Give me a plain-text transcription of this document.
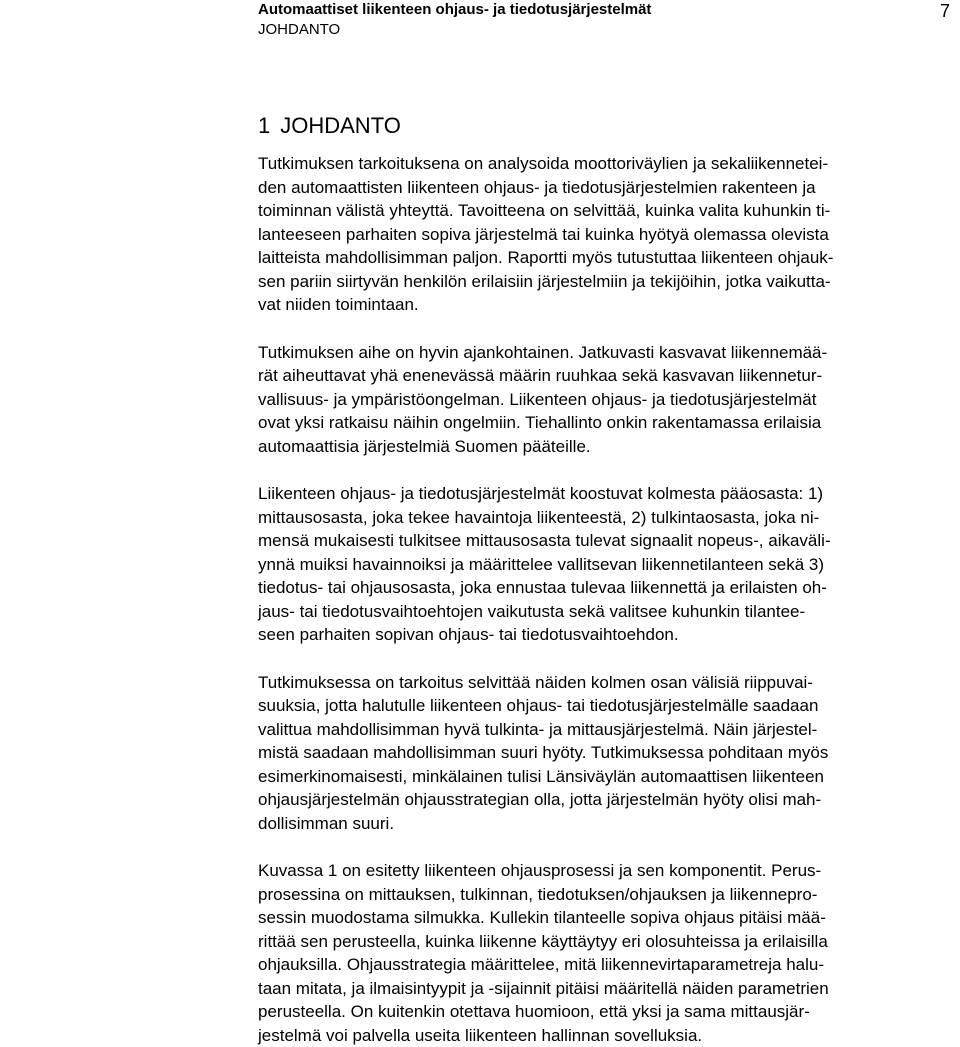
Automaattiset liikenteen ohjaus- ja tiedotusjärjestelmät
JOHDANTO
7
1 JOHDANTO

Tutkimuksen tarkoituksena on analysoida moottoriväylien ja sekaliikennetei-
den automaattisten liikenteen ohjaus- ja tiedotusjärjestelmien rakenteen ja
toiminnan välistä yhteyttä. Tavoitteena on selvittää, kuinka valita kuhunkin ti-
lanteeseen parhaiten sopiva järjestelmä tai kuinka hyötyä olemassa olevista
laitteista mahdollisimman paljon. Raportti myös tutustuttaa liikenteen ohjauk-
sen pariin siirtyvän henkilön erilaisiin järjestelmiin ja tekijöihin, jotka vaikutta-
vat niiden toimintaan.

Tutkimuksen aihe on hyvin ajankohtainen. Jatkuvasti kasvavat liikennemää-
rät aiheuttavat yhä enenevässä määrin ruuhkaa sekä kasvavan liikennetur-
vallisuus- ja ympäristöongelman. Liikenteen ohjaus- ja tiedotusjärjestelmät
ovat yksi ratkaisu näihin ongelmiin. Tiehallinto onkin rakentamassa erilaisia
automaattisia järjestelmiä Suomen pääteille.

Liikenteen ohjaus- ja tiedotusjärjestelmät koostuvat kolmesta pääosasta: 1)
mittausosasta, joka tekee havaintoja liikenteestä, 2) tulkintaosasta, joka ni-
mensä mukaisesti tulkitsee mittausosasta tulevat signaalit nopeus-, aikaväli-
ynnä muiksi havainnoiksi ja määrittelee vallitsevan liikennetilanteen sekä 3)
tiedotus- tai ohjausosasta, joka ennustaa tulevaa liikennettä ja erilaisten oh-
jaus- tai tiedotusvaihtoehtojen vaikutusta sekä valitsee kuhunkin tilantee-
seen parhaiten sopivan ohjaus- tai tiedotusvaihtoehdon.

Tutkimuksessa on tarkoitus selvittää näiden kolmen osan välisiä riippuvai-
suuksia, jotta halutulle liikenteen ohjaus- tai tiedotusjärjestelmälle saadaan
valittua mahdollisimman hyvä tulkinta- ja mittausjärjestelmä. Näin järjestel-
mistä saadaan mahdollisimman suuri hyöty. Tutkimuksessa pohditaan myös
esimerkinomaisesti, minkälainen tulisi Länsiväylän automaattisen liikenteen
ohjausjärjestelmän ohjausstrategian olla, jotta järjestelmän hyöty olisi mah-
dollisimman suuri.

Kuvassa 1 on esitetty liikenteen ohjausprosessi ja sen komponentit. Perus-
prosessina on mittauksen, tulkinnan, tiedotuksen/ohjauksen ja liikennepro-
sessin muodostama silmukka. Kullekin tilanteelle sopiva ohjaus pitäisi mää-
rittää sen perusteella, kuinka liikenne käyttäytyy eri olosuhteissa ja erilaisilla
ohjauksilla. Ohjausstrategia määrittelee, mitä liikennevirtaparametreja halu-
taan mitata, ja ilmaisintyypit ja -sijainnit pitäisi määritellä näiden parametrien
perusteella. On kuitenkin otettava huomioon, että yksi ja sama mittausjär-
jestelmä voi palvella useita liikenteen hallinnan sovelluksia.
